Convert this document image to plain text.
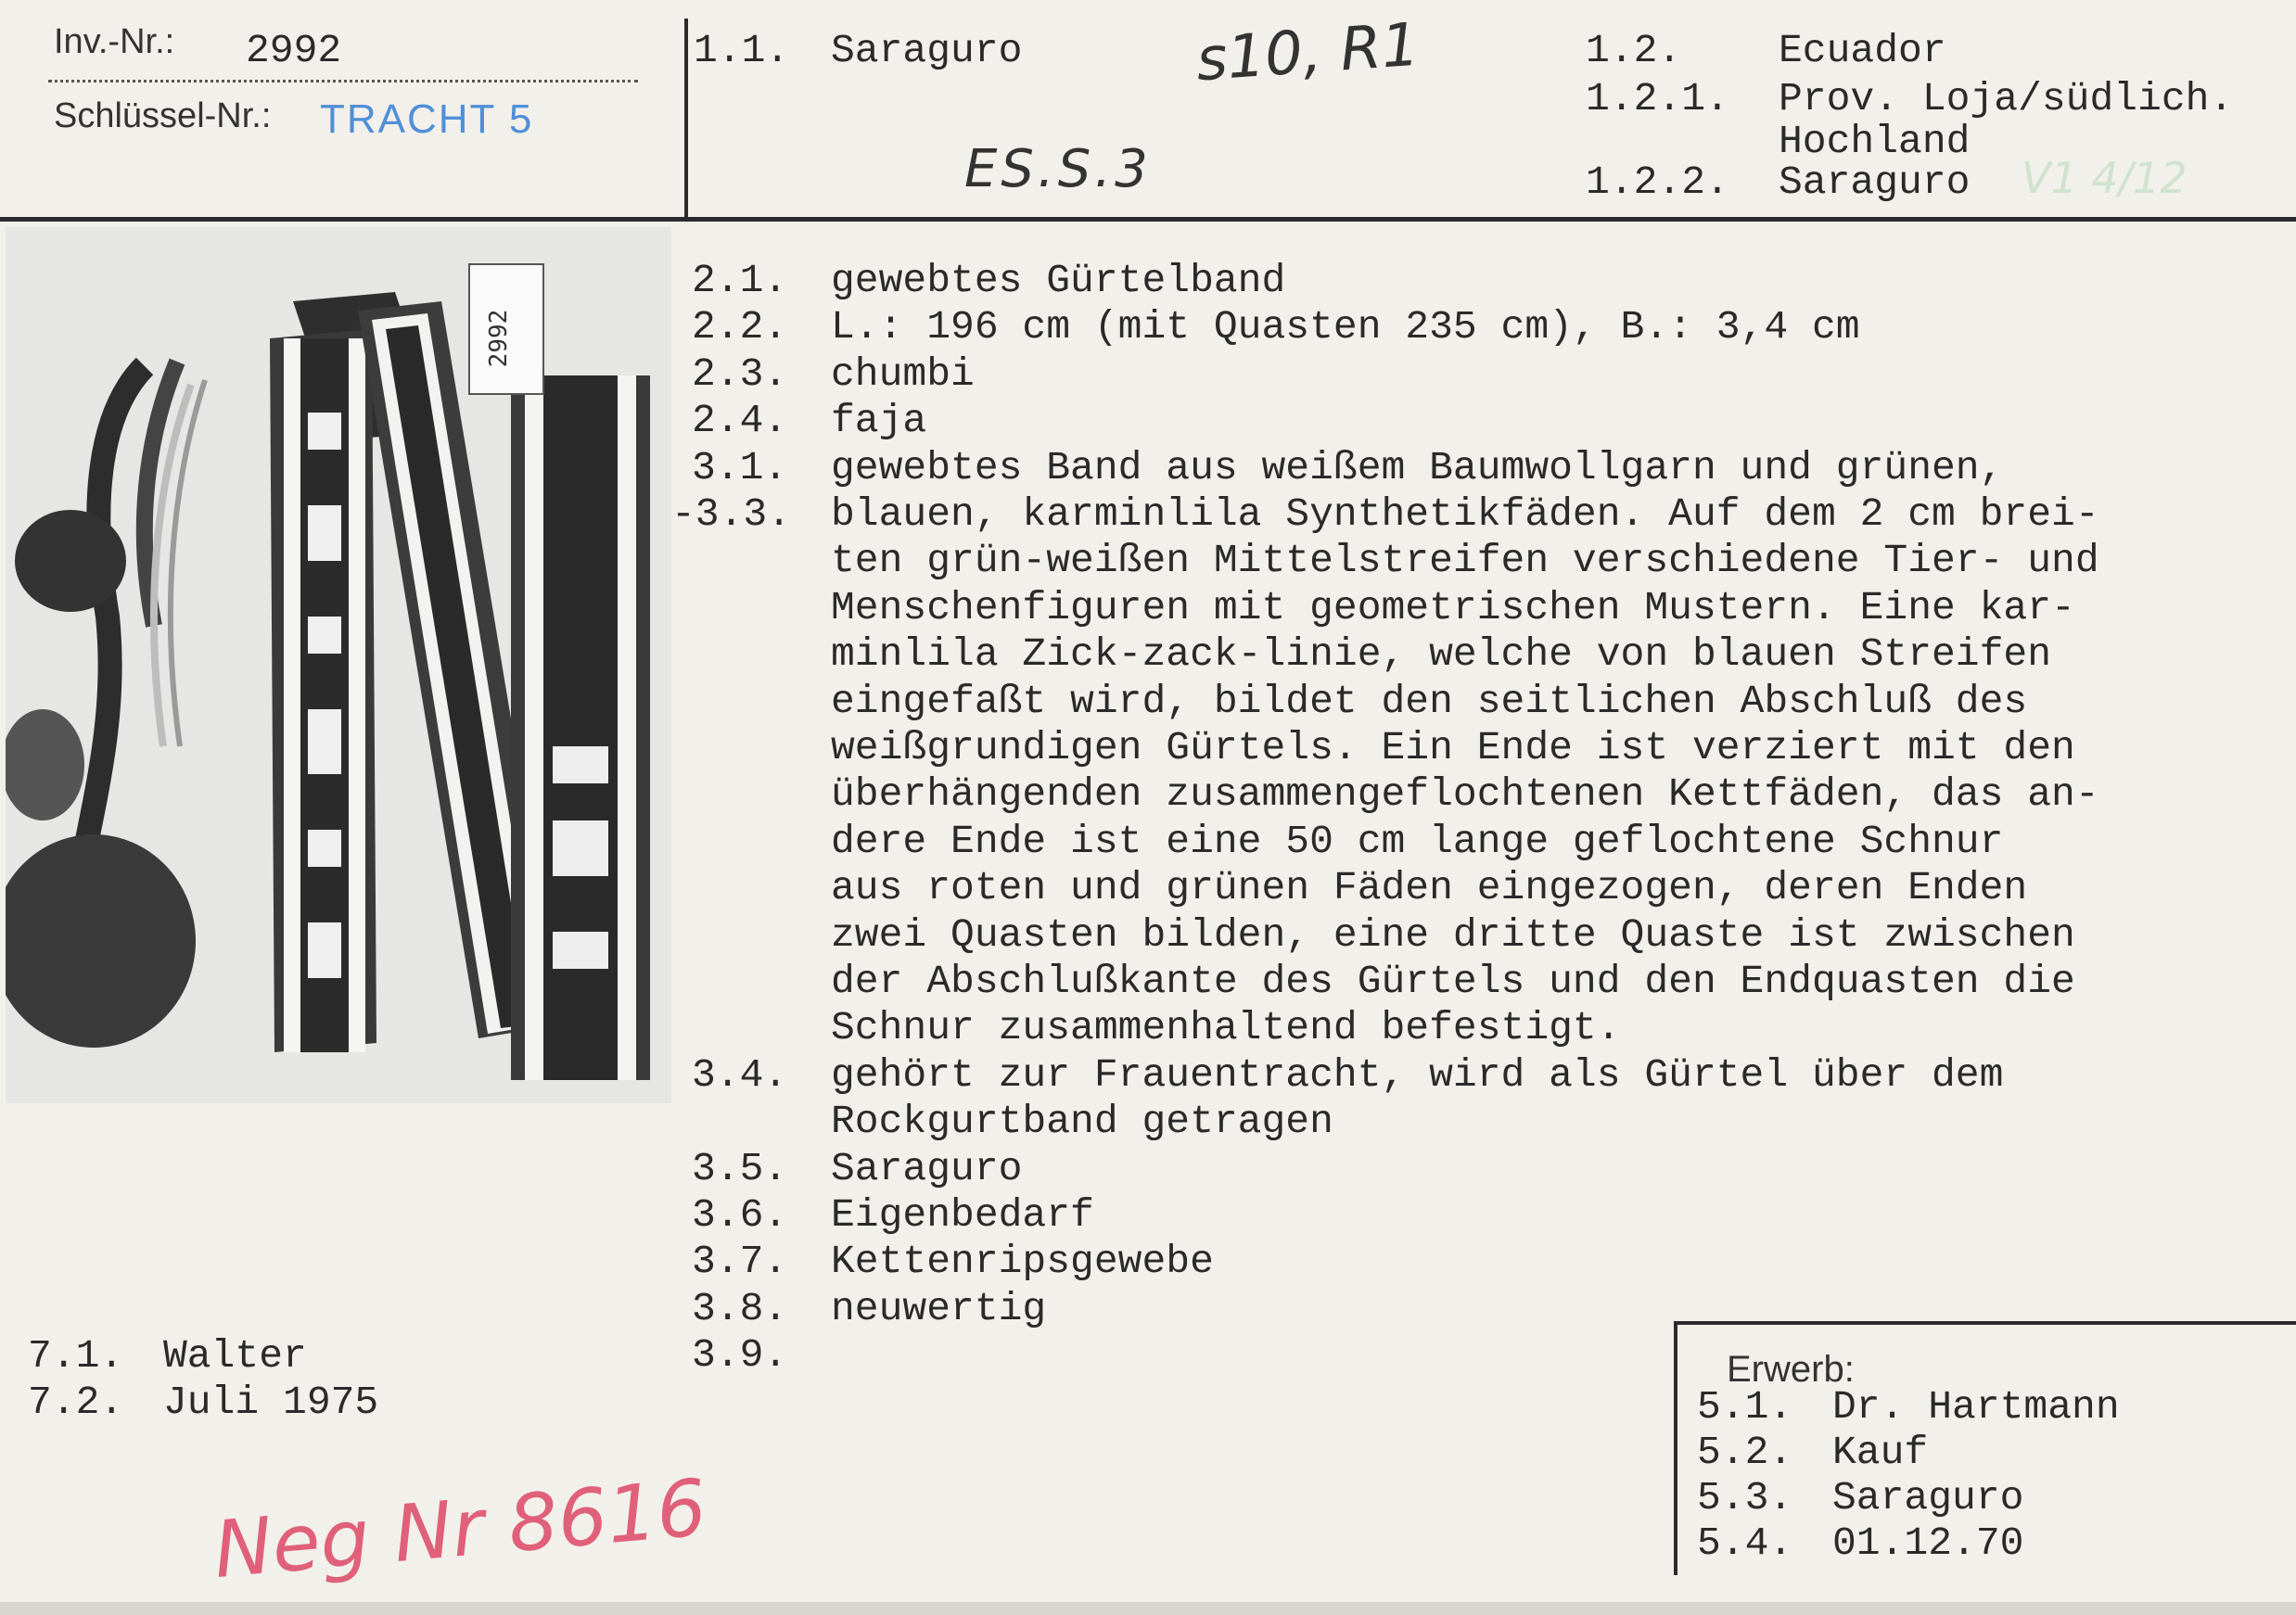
Inv.-Nr.: 2992
Schlüssel-Nr.: TRACHT 5
1.1. Saraguro	s10, R1
ES.S.3
1.2. Ecuador
1.2.1. Prov. Loja/südlich.
Hochland
1.2.2. Saraguro V1 4/12
2992
2.1. gewebtes Gürtelband
2.2. L.: 196 cm (mit Quasten 235 cm), B.: 3,4 cm
2.3. chumbi
2.4. faja
3.1. gewebtes Band aus weißem Baumwollgarn und grünen,
-3.3. blauen, karminlila Synthetikfäden. Auf dem 2 cm brei-
ten grün-weißen Mittelstreifen verschiedene Tier- und
Menschenfiguren mit geometrischen Mustern. Eine kar-
minlila Zick-zack-linie, welche von blauen Streifen
eingefaßt wird, bildet den seitlichen Abschluß des
weißgrundigen Gürtels. Ein Ende ist verziert mit den
überhängenden zusammengeflochtenen Kettfäden, das an-
dere Ende ist eine 50 cm lange geflochtene Schnur
aus roten und grünen Fäden eingezogen, deren Enden
zwei Quasten bilden, eine dritte Quaste ist zwischen
der Abschlußkante des Gürtels und den Endquasten die
Schnur zusammenhaltend befestigt.
3.4. gehört zur Frauentracht, wird als Gürtel über dem
Rockgurtband getragen
3.5. Saraguro
3.6. Eigenbedarf
3.7. Kettenripsgewebe
3.8. neuwertig
3.9.
7.1. Walter
7.2. Juli 1975
Neg Nr 8616
Erwerb:
5.1. Dr. Hartmann
5.2. Kauf
5.3. Saraguro
5.4. 01.12.70
